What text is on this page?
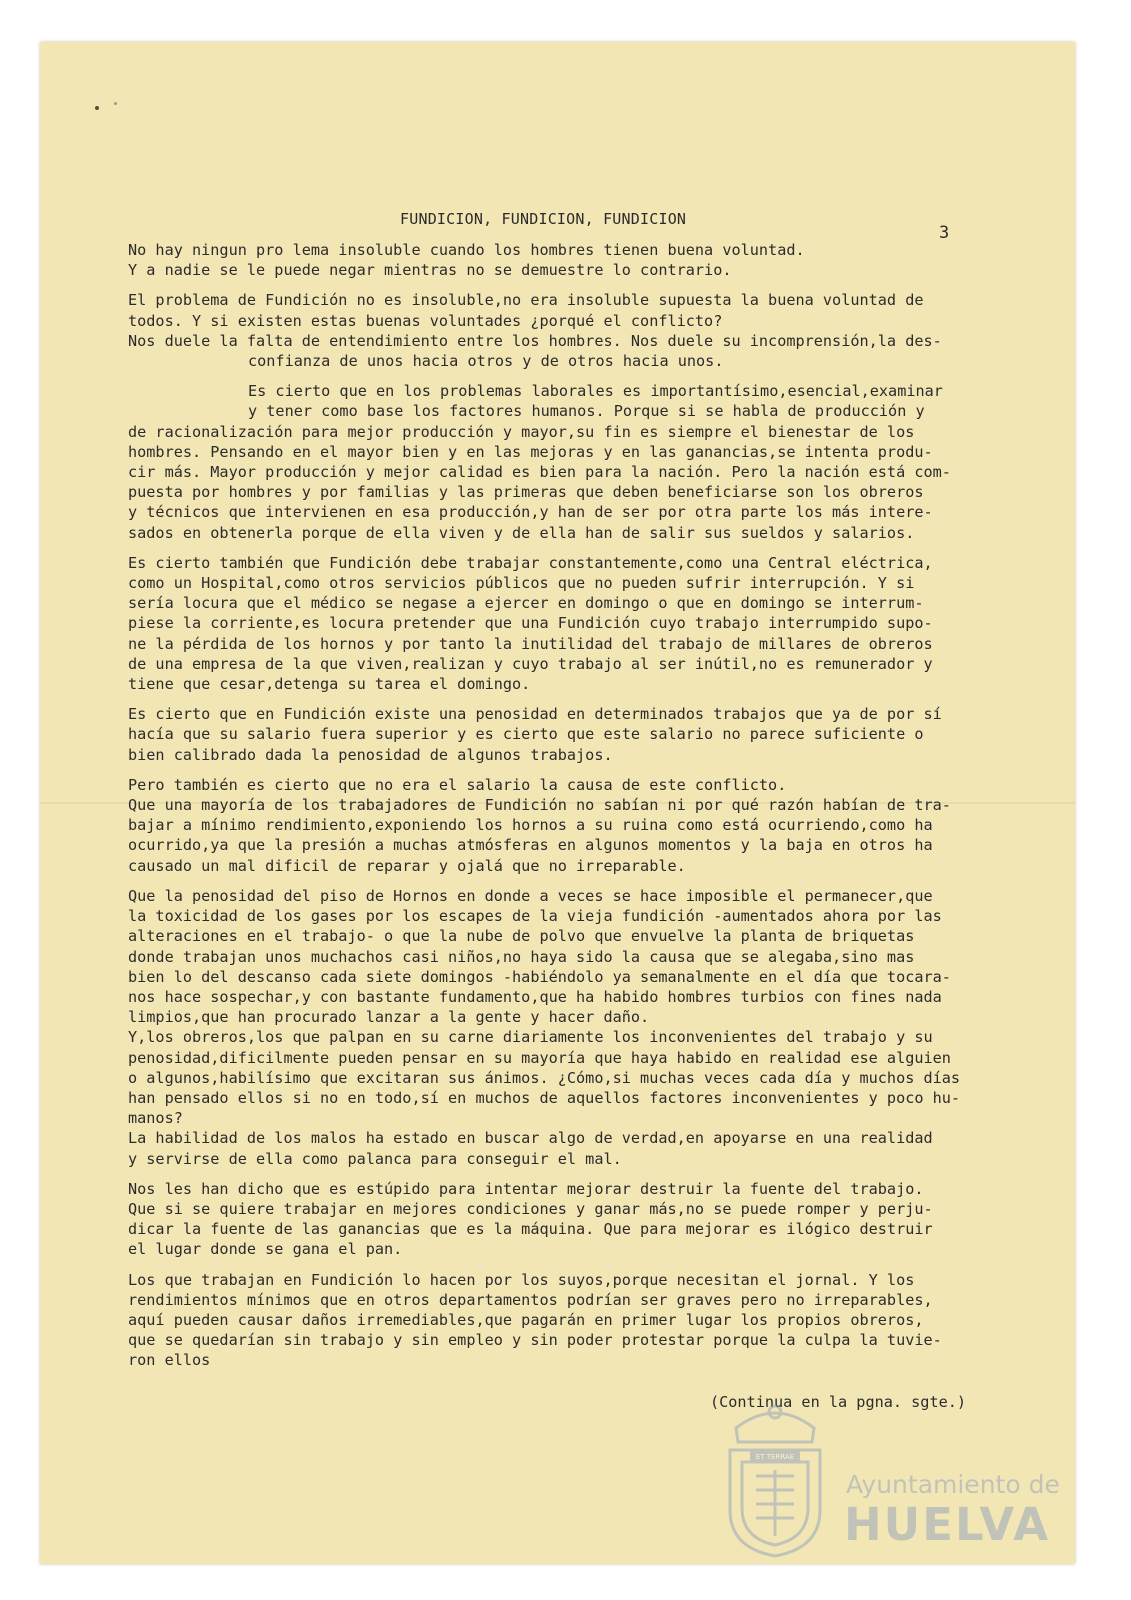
FUNDICION, FUNDICION, FUNDICION
3
No hay ningun pro lema insoluble cuando los hombres tienen buena voluntad.
Y a nadie se le puede negar mientras no se demuestre lo contrario.
El problema de Fundición no es insoluble,no era insoluble supuesta la buena voluntad de
todos. Y si existen estas buenas voluntades ¿porqué el conflicto?
Nos duele la falta de entendimiento entre los hombres. Nos duele su incomprensión,la des-
confianza de unos hacia otros y de otros hacia unos.
Es cierto que en los problemas laborales es importantísimo,esencial,examinar
y tener como base los factores humanos. Porque si se habla de producción y
de racionalización para mejor producción y mayor,su fin es siempre el bienestar de los
hombres. Pensando en el mayor bien y en las mejoras y en las ganancias,se intenta produ-
cir más. Mayor producción y mejor calidad es bien para la nación. Pero la nación está com-
puesta por hombres y por familias y las primeras que deben beneficiarse son los obreros
y técnicos que intervienen en esa producción,y han de ser por otra parte los más intere-
sados en obtenerla porque de ella viven y de ella han de salir sus sueldos y salarios.
Es cierto también que Fundición debe trabajar constantemente,como una Central eléctrica,
como un Hospital,como otros servicios públicos que no pueden sufrir interrupción. Y si
sería locura que el médico se negase a ejercer en domingo o que en domingo se interrum-
piese la corriente,es locura pretender que una Fundición cuyo trabajo interrumpido supo-
ne la pérdida de los hornos y por tanto la inutilidad del trabajo de millares de obreros
de una empresa de la que viven,realizan y cuyo trabajo al ser inútil,no es remunerador y
tiene que cesar,detenga su tarea el domingo.
Es cierto que en Fundición existe una penosidad en determinados trabajos que ya de por sí
hacía que su salario fuera superior y es cierto que este salario no parece suficiente o
bien calibrado dada la penosidad de algunos trabajos.
Pero también es cierto que no era el salario la causa de este conflicto.
Que una mayoría de los trabajadores de Fundición no sabían ni por qué razón habían de tra-
bajar a mínimo rendimiento,exponiendo los hornos a su ruina como está ocurriendo,como ha
ocurrido,ya que la presión a muchas atmósferas en algunos momentos y la baja en otros ha
causado un mal dificil de reparar y ojalá que no irreparable.
Que la penosidad del piso de Hornos en donde a veces se hace imposible el permanecer,que
la toxicidad de los gases por los escapes de la vieja fundición -aumentados ahora por las
alteraciones en el trabajo- o que la nube de polvo que envuelve la planta de briquetas
donde trabajan unos muchachos casi niños,no haya sido la causa que se alegaba,sino mas
bien lo del descanso cada siete domingos -habiéndolo ya semanalmente en el día que tocara-
nos hace sospechar,y con bastante fundamento,que ha habido hombres turbios con fines nada
limpios,que han procurado lanzar a la gente y hacer daño.
Y,los obreros,los que palpan en su carne diariamente los inconvenientes del trabajo y su
penosidad,dificilmente pueden pensar en su mayoría que haya habido en realidad ese alguien
o algunos,habilísimo que excitaran sus ánimos. ¿Cómo,si muchas veces cada día y muchos días
han pensado ellos si no en todo,sí en muchos de aquellos factores inconvenientes y poco hu-
manos?
La habilidad de los malos ha estado en buscar algo de verdad,en apoyarse en una realidad
y servirse de ella como palanca para conseguir el mal.
Nos les han dicho que es estúpido para intentar mejorar destruir la fuente del trabajo.
Que si se quiere trabajar en mejores condiciones y ganar más,no se puede romper y perju-
dicar la fuente de las ganancias que es la máquina. Que para mejorar es ilógico destruir
el lugar donde se gana el pan.
Los que trabajan en Fundición lo hacen por los suyos,porque necesitan el jornal. Y los
rendimientos mínimos que en otros departamentos podrían ser graves pero no irreparables,
aquí pueden causar daños irremediables,que pagarán en primer lugar los propios obreros,
que se quedarían sin trabajo y sin empleo y sin poder protestar porque la culpa la tuvie-
ron ellos
(Continua en la pgna. sgte.)
ET TERRAE
Ayuntamiento de
HUELVA
